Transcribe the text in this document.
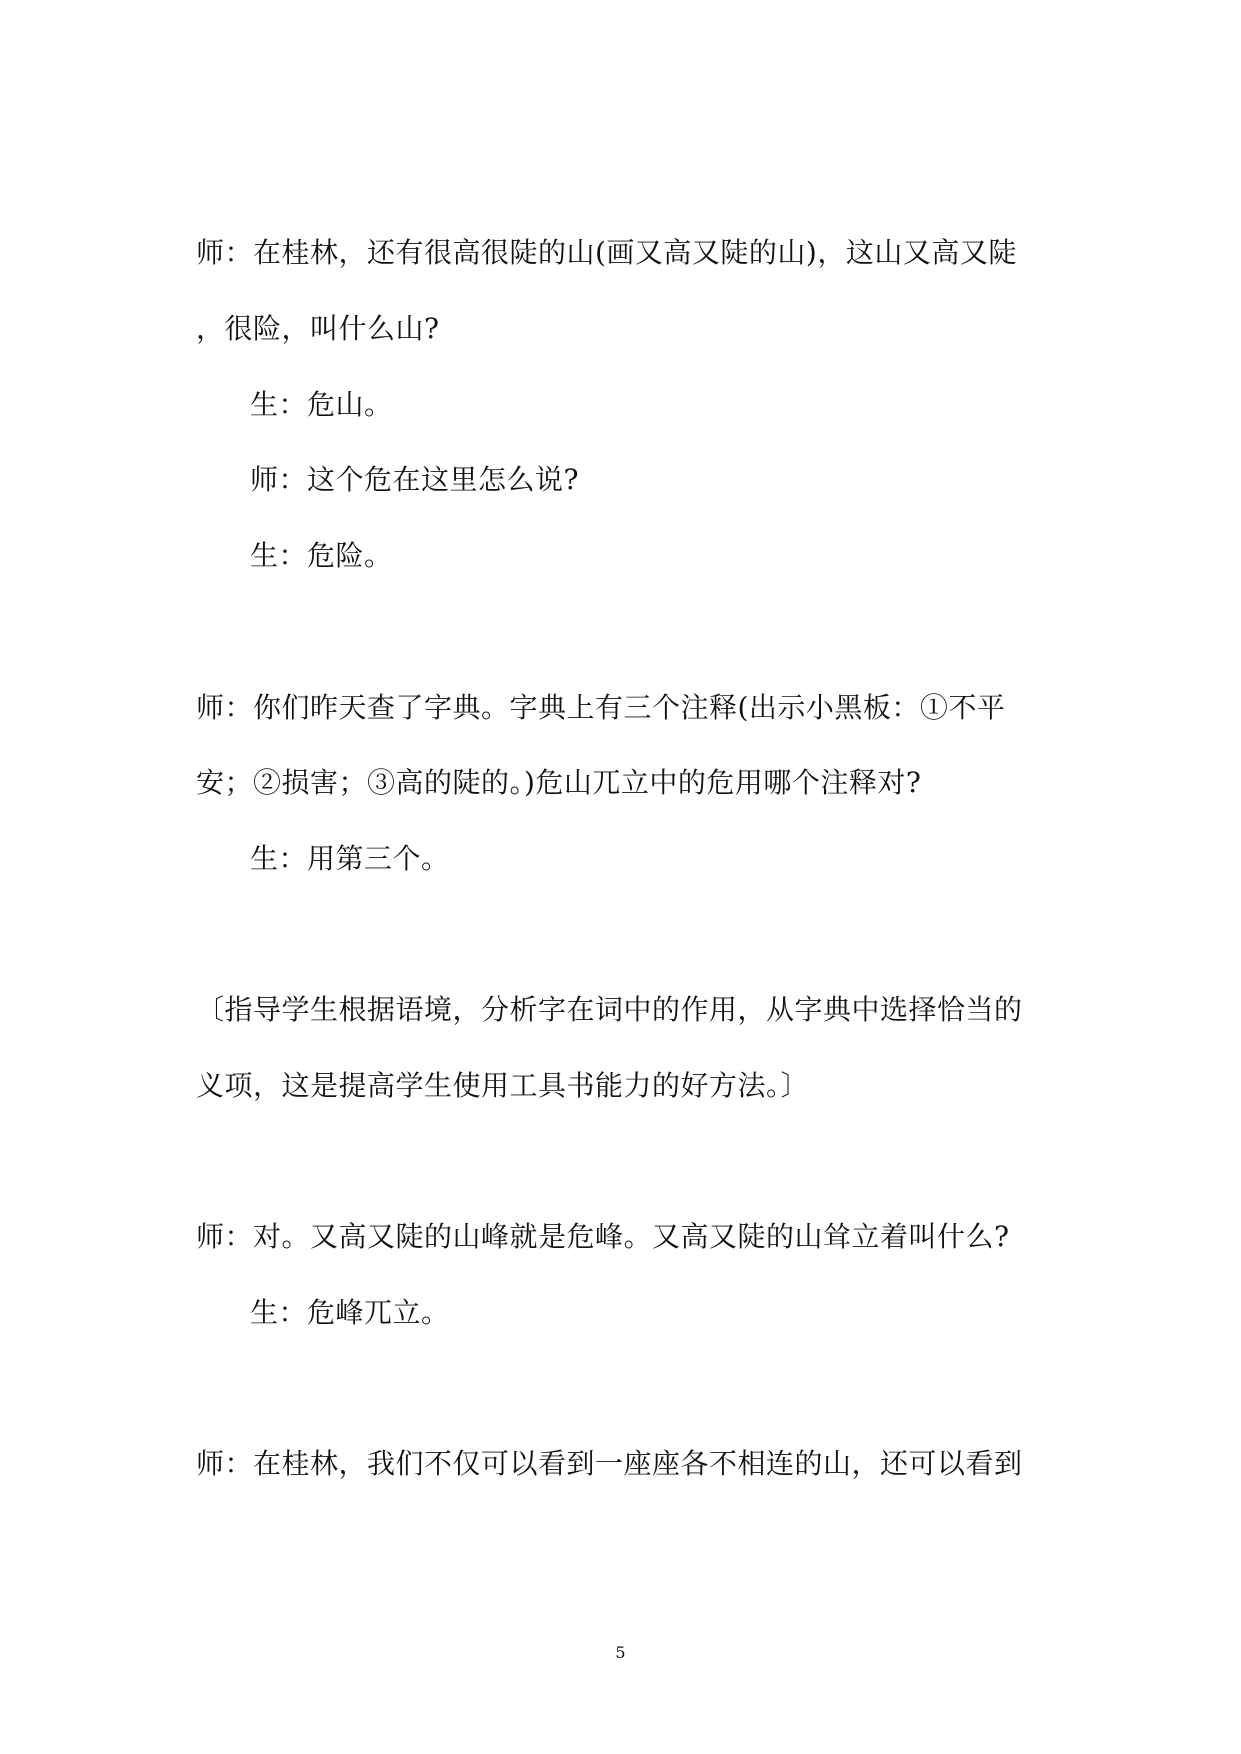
师：在桂林，还有很高很陡的山(画又高又陡的山)，这山又高又陡
，很险，叫什么山?
生：危山。
师：这个危在这里怎么说?
生：危险。
师：你们昨天查了字典。字典上有三个注释(出示小黑板：①不平
安；②损害；③高的陡的。)危山兀立中的危用哪个注释对?
生：用第三个。
〔指导学生根据语境，分析字在词中的作用，从字典中选择恰当的
义项，这是提高学生使用工具书能力的好方法。〕
师：对。又高又陡的山峰就是危峰。又高又陡的山耸立着叫什么?
生：危峰兀立。
师：在桂林，我们不仅可以看到一座座各不相连的山，还可以看到
5
